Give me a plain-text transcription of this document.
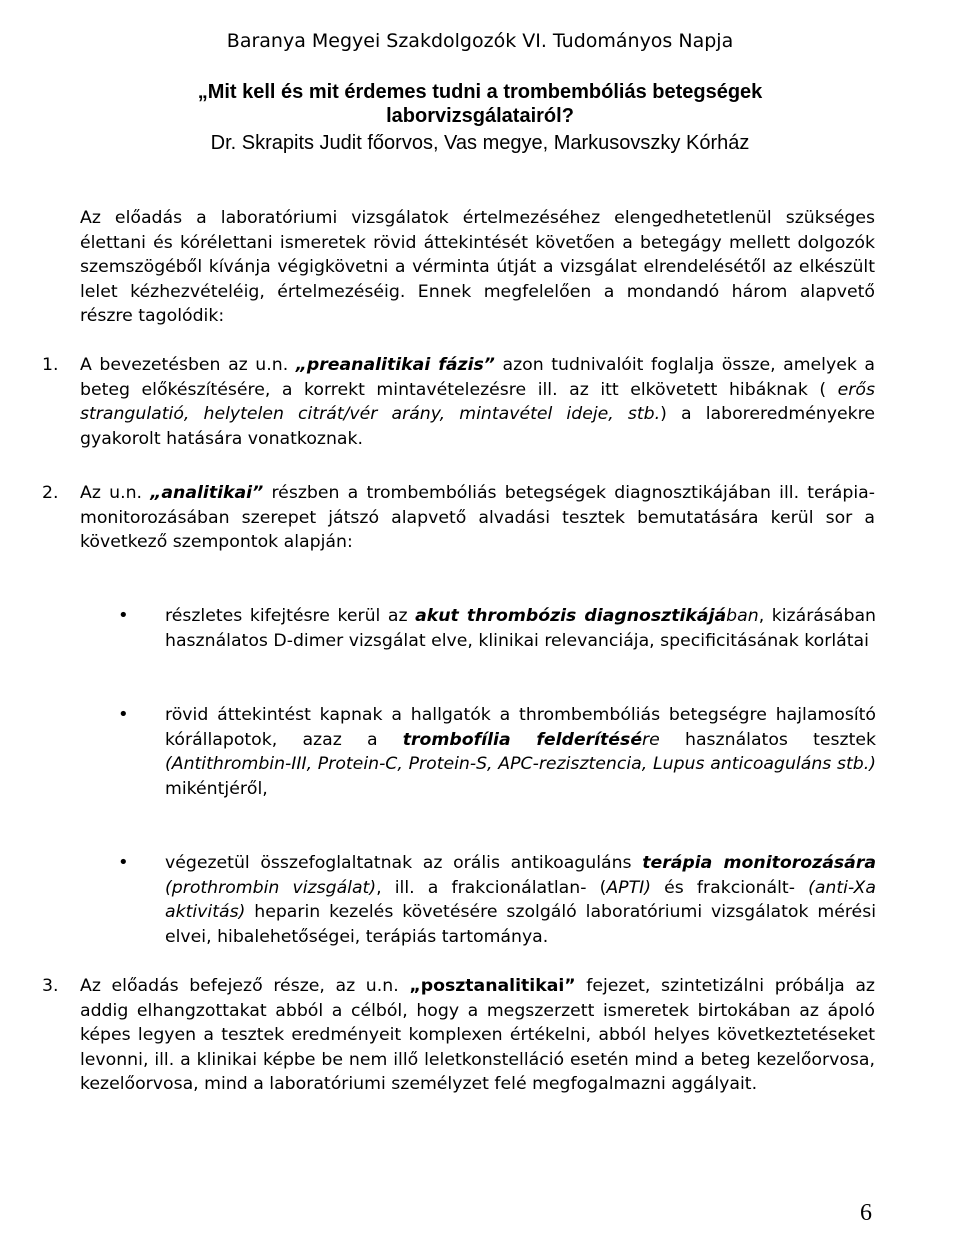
Baranya Megyei Szakdolgozók VI. Tudományos Napja
„Mit kell és mit érdemes tudni a trombembóliás betegségek
laborvizsgálatairól?
Dr. Skrapits Judit főorvos, Vas megye, Markusovszky Kórház

Az előadás a laboratóriumi vizsgálatok értelmezéséhez elengedhetetlenül szükséges élettani és kórélettani ismeretek rövid áttekintését követően a betegágy mellett dolgozók szemszögéből kívánja végigkövetni a vérminta útját a vizsgálat elrendelésétől az elkészült lelet kézhezvételéig, értelmezéséig. Ennek megfelelően a mondandó három alapvető részre tagolódik:

1. A bevezetésben az u.n. „preanalitikai fázis” azon tudnivalóit foglalja össze, amelyek a beteg előkészítésére, a korrekt mintavételezésre ill. az itt elkövetett hibáknak ( erős strangulatió, helytelen citrát/vér arány, mintavétel ideje, stb.) a laboreredményekre gyakorolt hatására vonatkoznak.

2. Az u.n. „analitikai” részben a trombembóliás betegségek diagnosztikájában ill. terápia- monitorozásában szerepet játszó alapvető alvadási tesztek bemutatására kerül sor a következő szempontok alapján:

• részletes kifejtésre kerül az akut thrombózis diagnosztikájában, kizárásában használatos D-dimer vizsgálat elve, klinikai relevanciája, specificitásának korlátai

• rövid áttekintést kapnak a hallgatók a thrombembóliás betegségre hajlamosító kórállapotok, azaz a trombofília felderítésére használatos tesztek (Antithrombin-III, Protein-C, Protein-S, APC-rezisztencia, Lupus anticoaguláns stb.) mikéntjéről,

• végezetül összefoglaltatnak az orális antikoaguláns terápia monitorozására (prothrombin vizsgálat), ill. a frakcionálatlan- (APTI) és frakcionált- (anti-Xa aktivitás) heparin kezelés követésére szolgáló laboratóriumi vizsgálatok mérési elvei, hibalehetőségei, terápiás tartománya.

3. Az előadás befejező része, az u.n. „posztanalitikai” fejezet, szintetizálni próbálja az addig elhangzottakat abból a célból, hogy a megszerzett ismeretek birtokában az ápoló képes legyen a tesztek eredményeit komplexen értékelni, abból helyes következtetéseket levonni, ill. a klinikai képbe be nem illő leletkonstelláció esetén mind a beteg kezelőorvosa, kezelőorvosa, mind a laboratóriumi személyzet felé megfogalmazni aggályait.

6
